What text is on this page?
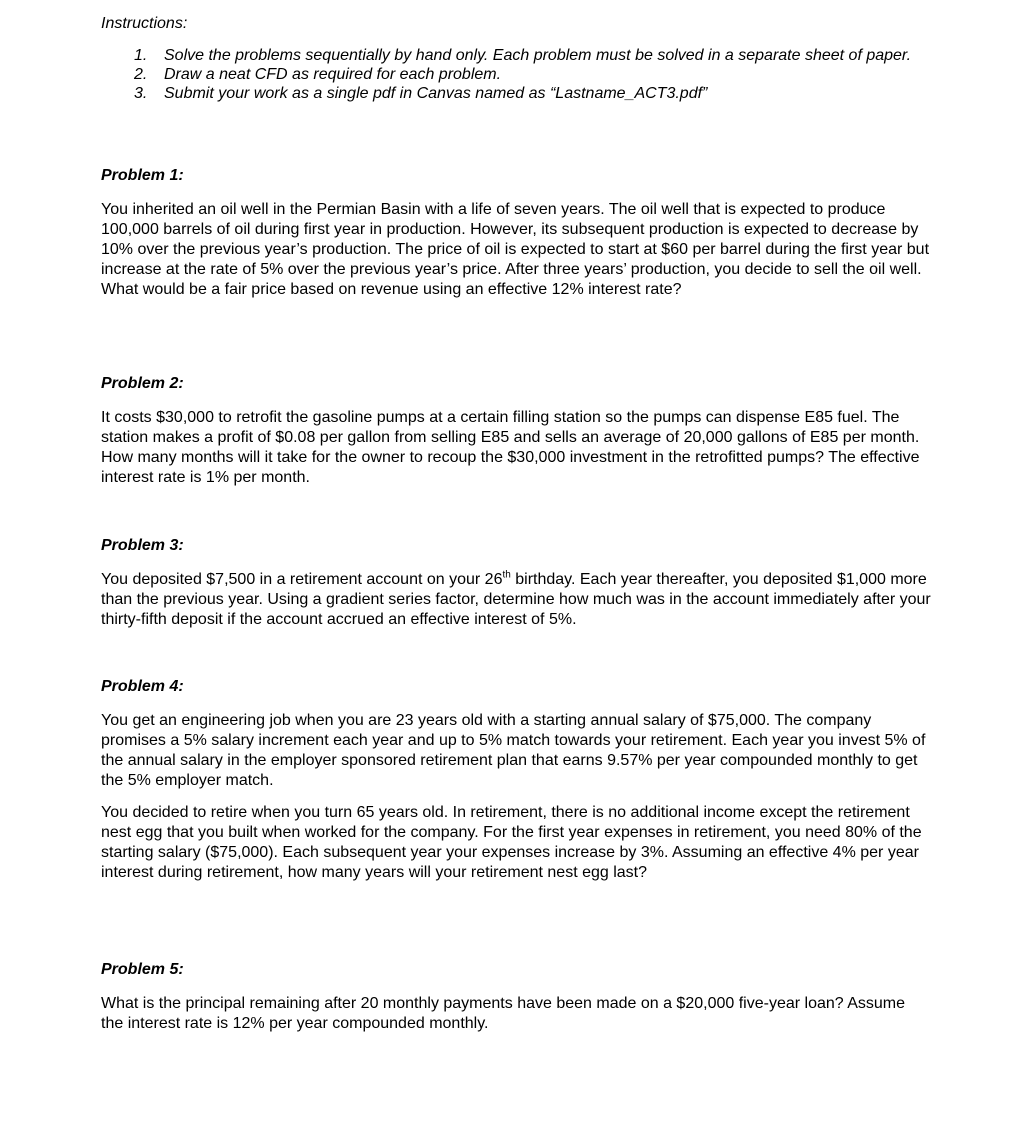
Instructions:

1. Solve the problems sequentially by hand only. Each problem must be solved in a separate sheet of paper.
2. Draw a neat CFD as required for each problem.
3. Submit your work as a single pdf in Canvas named as “Lastname_ACT3.pdf”

Problem 1:

You inherited an oil well in the Permian Basin with a life of seven years. The oil well that is expected to produce 100,000 barrels of oil during first year in production. However, its subsequent production is expected to decrease by 10% over the previous year’s production. The price of oil is expected to start at $60 per barrel during the first year but increase at the rate of 5% over the previous year’s price. After three years’ production, you decide to sell the oil well. What would be a fair price based on revenue using an effective 12% interest rate?

Problem 2:

It costs $30,000 to retrofit the gasoline pumps at a certain filling station so the pumps can dispense E85 fuel. The station makes a profit of $0.08 per gallon from selling E85 and sells an average of 20,000 gallons of E85 per month. How many months will it take for the owner to recoup the $30,000 investment in the retrofitted pumps? The effective interest rate is 1% per month.

Problem 3:

You deposited $7,500 in a retirement account on your 26th birthday. Each year thereafter, you deposited $1,000 more than the previous year. Using a gradient series factor, determine how much was in the account immediately after your thirty-fifth deposit if the account accrued an effective interest of 5%.

Problem 4:

You get an engineering job when you are 23 years old with a starting annual salary of $75,000. The company promises a 5% salary increment each year and up to 5% match towards your retirement. Each year you invest 5% of the annual salary in the employer sponsored retirement plan that earns 9.57% per year compounded monthly to get the 5% employer match.

You decided to retire when you turn 65 years old. In retirement, there is no additional income except the retirement nest egg that you built when worked for the company. For the first year expenses in retirement, you need 80% of the starting salary ($75,000). Each subsequent year your expenses increase by 3%. Assuming an effective 4% per year interest during retirement, how many years will your retirement nest egg last?

Problem 5:

What is the principal remaining after 20 monthly payments have been made on a $20,000 five-year loan? Assume the interest rate is 12% per year compounded monthly.
